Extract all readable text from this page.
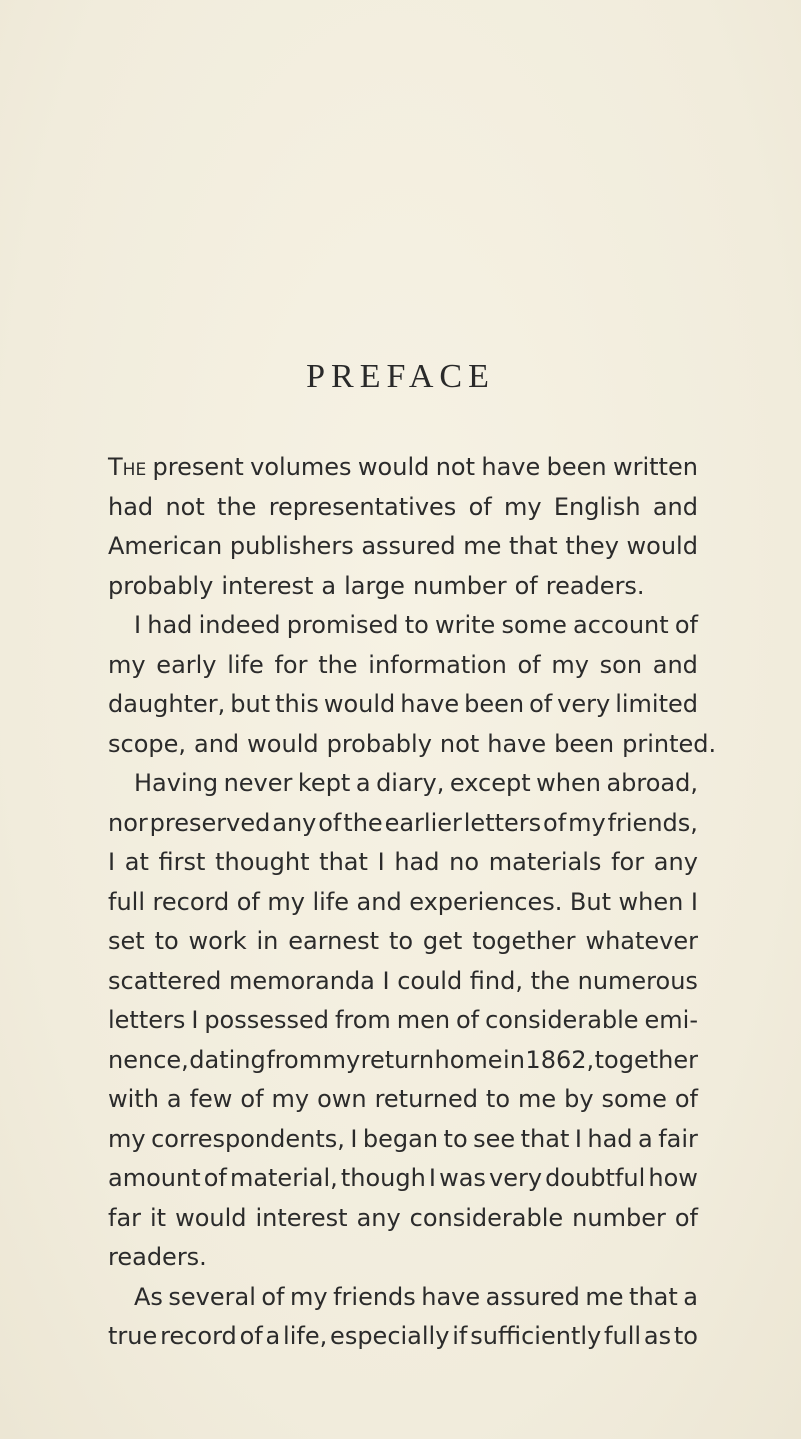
PREFACE
The present volumes would not have been written
had not the representatives of my English and
American publishers assured me that they would
probably interest a large number of readers.
I had indeed promised to write some account of
my early life for the information of my son and
daughter, but this would have been of very limited
scope, and would probably not have been printed.
Having never kept a diary, except when abroad,
nor preserved any of the earlier letters of my friends,
I at first thought that I had no materials for any
full record of my life and experiences. But when I
set to work in earnest to get together whatever
scattered memoranda I could find, the numerous
letters I possessed from men of considerable emi-
nence, dating from my return home in 1862, together
with a few of my own returned to me by some of
my correspondents, I began to see that I had a fair
amount of material, though I was very doubtful how
far it would interest any considerable number of
readers.
As several of my friends have assured me that a
true record of a life, especially if sufficiently full as to
